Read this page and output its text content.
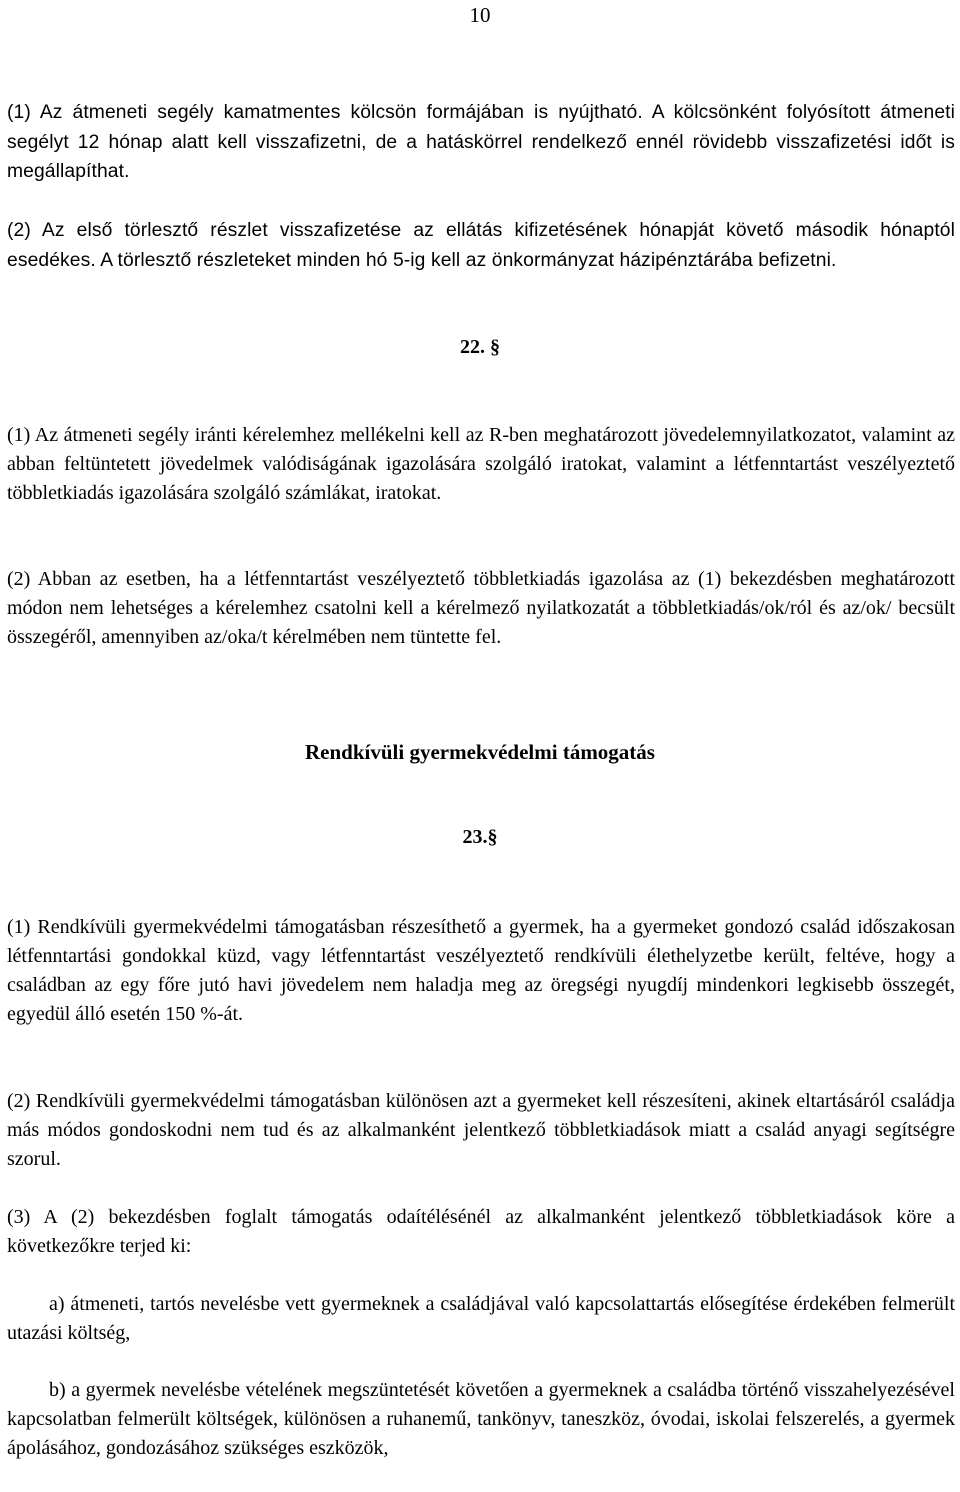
10

(1) Az átmeneti segély kamatmentes kölcsön formájában is nyújtható. A kölcsönként folyósított átmeneti segélyt 12 hónap alatt kell visszafizetni, de a hatáskörrel rendelkező ennél rövidebb visszafizetési időt is megállapíthat.

(2) Az első törlesztő részlet visszafizetése az ellátás kifizetésének hónapját követő második hónaptól esedékes. A törlesztő részleteket minden hó 5-ig kell az önkormányzat házipénztárába befizetni.

22. §

(1) Az átmeneti segély iránti kérelemhez mellékelni kell az R-ben meghatározott jövedelemnyilatkozatot, valamint az abban feltüntetett jövedelmek valódiságának igazolására szolgáló iratokat, valamint a létfenntartást veszélyeztető többletkiadás igazolására szolgáló számlákat, iratokat.

(2) Abban az esetben, ha a létfenntartást veszélyeztető többletkiadás igazolása az (1) bekezdésben meghatározott módon nem lehetséges a kérelemhez csatolni kell a kérelmező nyilatkozatát a többletkiadás/ok/ról és az/ok/ becsült összegéről, amennyiben az/oka/t kérelmében nem tüntette fel.

Rendkívüli gyermekvédelmi támogatás
23.§

(1) Rendkívüli gyermekvédelmi támogatásban részesíthető a gyermek, ha a gyermeket gondozó család időszakosan létfenntartási gondokkal küzd, vagy létfenntartást veszélyeztető rendkívüli élethelyzetbe került, feltéve, hogy a családban az egy főre jutó havi jövedelem nem haladja meg az öregségi nyugdíj mindenkori legkisebb összegét, egyedül álló esetén 150 %-át.

(2) Rendkívüli gyermekvédelmi támogatásban különösen azt a gyermeket kell részesíteni, akinek eltartásáról családja más módos gondoskodni nem tud és az alkalmanként jelentkező többletkiadások miatt a család anyagi segítségre szorul.

(3) A (2) bekezdésben foglalt támogatás odaítélésénél az alkalmanként jelentkező többletkiadások köre a következőkre terjed ki:

a) átmeneti, tartós nevelésbe vett gyermeknek a családjával való kapcsolattartás elősegítése érdekében felmerült utazási költség,

b) a gyermek nevelésbe vételének megszüntetését követően a gyermeknek a családba történő visszahelyezésével kapcsolatban felmerült költségek, különösen a ruhanemű, tankönyv, taneszköz, óvodai, iskolai felszerelés, a gyermek ápolásához, gondozásához szükséges eszközök,
